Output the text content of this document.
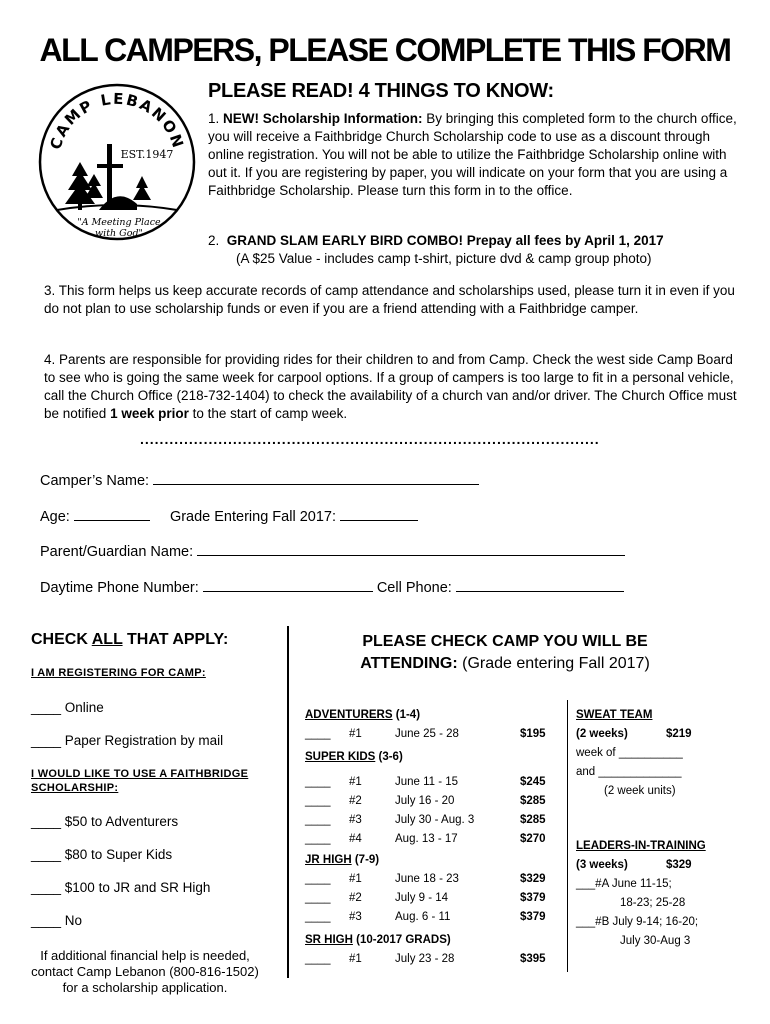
ALL CAMPERS, PLEASE COMPLETE THIS FORM
CAMP LEBANON
EST.1947
"A Meeting Place
with God"
PLEASE READ! 4 THINGS TO KNOW:
1. NEW! Scholarship Information: By bringing this completed form to the church office, you will receive a Faithbridge Church Scholarship code to use as a discount through online registration. You will not be able to utilize the Faithbridge Scholarship online with out it. If you are registering by paper, you will indicate on your form that you are using a Faithbridge Scholarship. Please turn this form in to the office.
2. GRAND SLAM EARLY BIRD COMBO! Prepay all fees by April 1, 2017
(A $25 Value - includes camp t-shirt, picture dvd & camp group photo)
3. This form helps us keep accurate records of camp attendance and scholarships used, please turn it in even if you do not plan to use scholarship funds or even if you are a friend attending with a Faithbridge camper.
4. Parents are responsible for providing rides for their children to and from Camp. Check the west side Camp Board to see who is going the same week for carpool options. If a group of campers is too large to fit in a personal vehicle, call the Church Office (218-732-1404) to check the availability of a church van and/or driver. The Church Office must be notified 1 week prior to the start of camp week.
..............................................................................................
Camper’s Name:
Age:	Grade Entering Fall 2017:
Parent/Guardian Name:
Daytime Phone Number:	Cell Phone:
CHECK ALL THAT APPLY:
I AM REGISTERING FOR CAMP:
____ Online
____ Paper Registration by mail
I WOULD LIKE TO USE A FAITHBRIDGE
SCHOLARSHIP:
____ $50 to Adventurers
____ $80 to Super Kids
____ $100 to JR and SR High
____ No
If additional financial help is needed,
contact Camp Lebanon (800-816-1502)
for a scholarship application.
PLEASE CHECK CAMP YOU WILL BE
ATTENDING: (Grade entering Fall 2017)
ADVENTURERS (1-4)
____	#1	June 25 - 28	$195
SUPER KIDS (3-6)
____	#1	June 11 - 15	$245
____	#2	July 16 - 20	$285
____	#3	July 30 - Aug. 3	$285
____	#4	Aug. 13 - 17	$270
JR HIGH (7-9)
____	#1	June 18 - 23	$329
____	#2	July 9 - 14	$379
____	#3	Aug. 6 - 11	$379
SR HIGH (10-2017 GRADS)
____	#1	July 23 - 28	$395
SWEAT TEAM
(2 weeks)	$219
week of __________
and _____________
(2 week units)
LEADERS-IN-TRAINING
(3 weeks)	$329
___#A June 11-15;
18-23; 25-28
___#B July 9-14; 16-20;
July 30-Aug 3
